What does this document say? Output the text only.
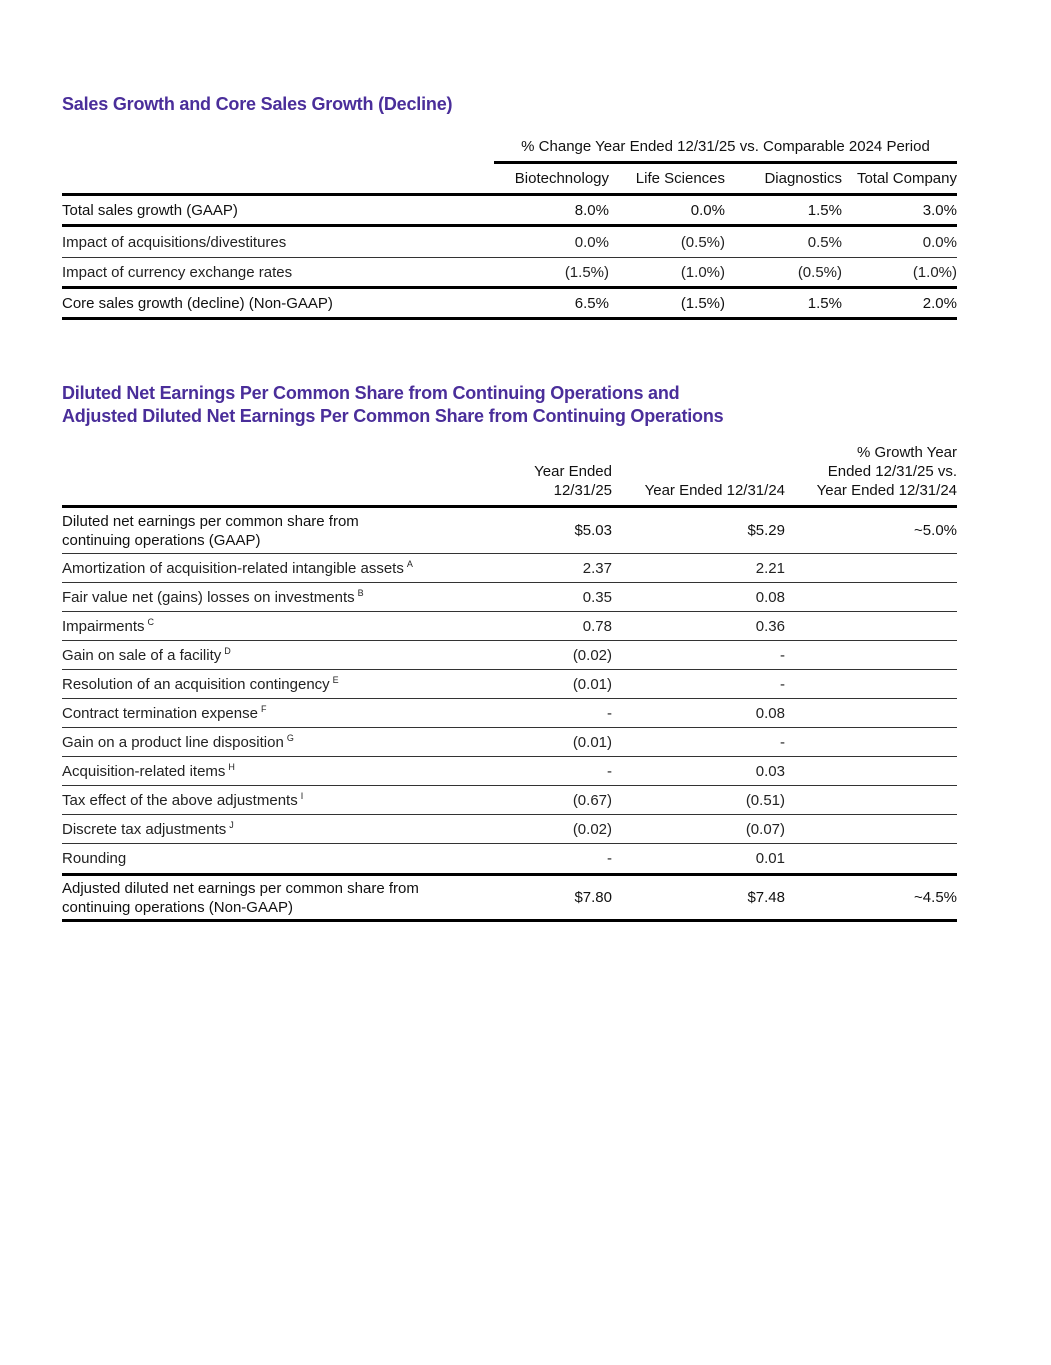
Sales Growth and Core Sales Growth (Decline)
% Change Year Ended 12/31/25 vs. Comparable 2024 Period
Biotechnology	Life Sciences	Diagnostics Total Company
Total sales growth (GAAP)	8.0%	0.0%	1.5%	3.0%
Impact of acquisitions/divestitures	0.0%	(0.5%)	0.5%	0.0%
Impact of currency exchange rates	(1.5%)	(1.0%)	(0.5%)	(1.0%)
Core sales growth (decline) (Non-GAAP)	6.5%	(1.5%)	1.5%	2.0%
Diluted Net Earnings Per Common Share from Continuing Operations and
Adjusted Diluted Net Earnings Per Common Share from Continuing Operations
Year Ended 12/31/25	Year Ended 12/31/24
% Growth Year
Ended 12/31/25 vs.
Year Ended 12/31/24
Diluted net earnings per common share from
continuing operations (GAAP)
$5.03	$5.29	~5.0%
Amortization of acquisition-related intangible assets $^A$	2.37	2.21
Fair value net (gains) losses on investments $^B$	0.35	0.08
Impairments $^C$	0.78	0.36
Gain on sale of a facility $^D$	(0.02)	-
Resolution of an acquisition contingency $^E$	(0.01)	-
Contract termination expense $^F$	-	0.08
Gain on a product line disposition $^G$	(0.01)	-
Acquisition-related items $^H$	-	0.03
Tax effect of the above adjustments $^I$	(0.67)	(0.51)
Discrete tax adjustments $^J$	(0.02)	(0.07)
Rounding	-	0.01
Adjusted diluted net earnings per common share from
continuing operations (Non-GAAP)
$7.80	$7.48	~4.5%
